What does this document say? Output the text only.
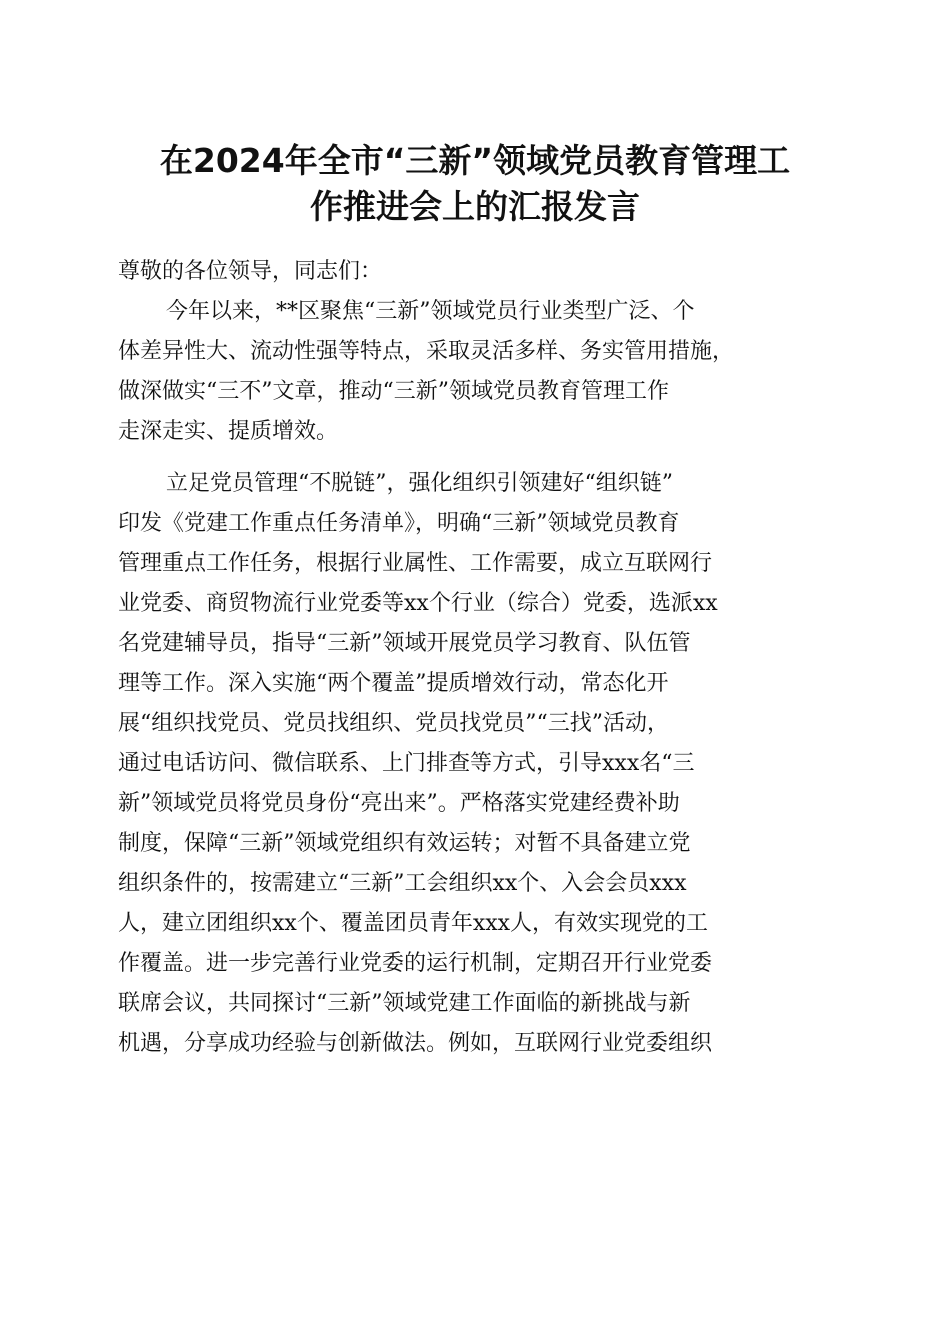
在2024年全市“三新”领域党员教育管理工
作推进会上的汇报发言

尊敬的各位领导，同志们：

今年以来，**区聚焦“三新”领域党员行业类型广泛、个
体差异性大、流动性强等特点，采取灵活多样、务实管用措施，
做深做实“三不”文章，推动“三新”领域党员教育管理工作
走深走实、提质增效。

立足党员管理“不脱链”，强化组织引领建好“组织链”
印发《党建工作重点任务清单》，明确“三新”领域党员教育
管理重点工作任务，根据行业属性、工作需要，成立互联网行
业党委、商贸物流行业党委等xx个行业（综合）党委，选派xx
名党建辅导员，指导“三新”领域开展党员学习教育、队伍管
理等工作。深入实施“两个覆盖”提质增效行动，常态化开
展“组织找党员、党员找组织、党员找党员”“三找”活动，
通过电话访问、微信联系、上门排查等方式，引导xxx名“三
新”领域党员将党员身份“亮出来”。严格落实党建经费补助
制度，保障“三新”领域党组织有效运转；对暂不具备建立党
组织条件的，按需建立“三新”工会组织xx个、入会会员xxx
人，建立团组织xx个、覆盖团员青年xxx人，有效实现党的工
作覆盖。进一步完善行业党委的运行机制，定期召开行业党委
联席会议，共同探讨“三新”领域党建工作面临的新挑战与新
机遇，分享成功经验与创新做法。例如，互联网行业党委组织
